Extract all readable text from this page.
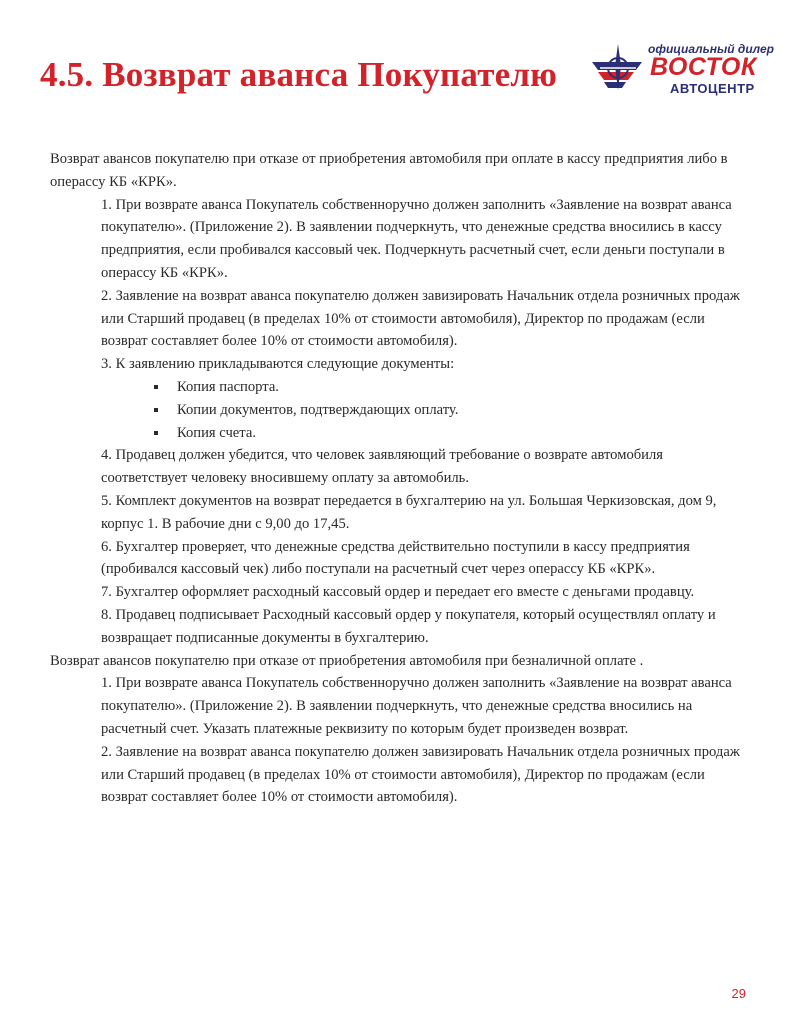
4.5. Возврат аванса Покупателю
официальный дилер
ВОСТОК
АВТОЦЕНТР

Возврат авансов покупателю при отказе от приобретения автомобиля при оплате в кассу предприятия либо в операссу КБ «КРК».

1. При возврате аванса Покупатель собственноручно должен заполнить «Заявление на возврат аванса покупателю». (Приложение 2). В заявлении подчеркнуть, что денежные средства вносились в кассу предприятия, если пробивался кассовый чек. Подчеркнуть расчетный счет, если деньги поступали в операссу КБ «КРК».

2. Заявление на возврат аванса покупателю должен завизировать Начальник отдела розничных продаж или Старший продавец (в пределах 10% от стоимости автомобиля), Директор по продажам (если возврат составляет более 10% от стоимости автомобиля).

3. К заявлению прикладываются следующие документы:

Копия паспорта.
Копии документов, подтверждающих оплату.
Копия счета.

4. Продавец должен убедится, что человек заявляющий требование о возврате автомобиля соответствует человеку вносившему оплату за автомобиль.

5. Комплект документов на возврат передается в бухгалтерию на ул. Большая Черкизовская, дом 9, корпус 1. В рабочие дни с 9,00 до 17,45.

6. Бухгалтер проверяет, что денежные средства действительно поступили в кассу предприятия (пробивался кассовый чек) либо поступали на расчетный счет через операссу КБ «КРК».

7. Бухгалтер оформляет расходный кассовый ордер и передает его вместе с деньгами продавцу.

8. Продавец подписывает Расходный кассовый ордер у покупателя, который осуществлял оплату и возвращает подписанные документы в бухгалтерию.

Возврат авансов покупателю при отказе от приобретения автомобиля при безналичной оплате .

1. При возврате аванса Покупатель собственноручно должен заполнить «Заявление на возврат аванса покупателю». (Приложение 2). В заявлении подчеркнуть, что денежные средства вносились на расчетный счет. Указать платежные реквизиту по которым будет произведен возврат.

2. Заявление на возврат аванса покупателю должен завизировать Начальник отдела розничных продаж или Старший продавец (в пределах 10% от стоимости автомобиля), Директор по продажам (если возврат составляет более 10% от стоимости автомобиля).

29
